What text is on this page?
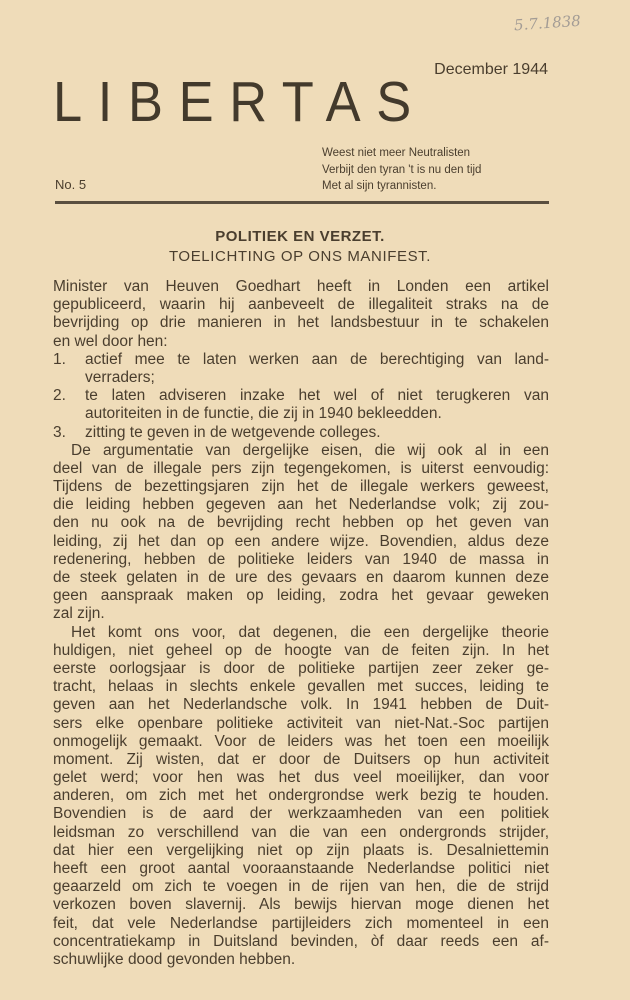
5.7.1838
December 1944
LIBERTAS
Weest niet meer Neutralisten
Verbijt den tyran 't is nu den tijd
Met al sijn tyrannisten.
No. 5
POLITIEK EN VERZET.
TOELICHTING OP ONS MANIFEST.
Minister van Heuven Goedhart heeft in Londen een artikel
gepubliceerd, waarin hij aanbeveelt de illegaliteit straks na de
bevrijding op drie manieren in het landsbestuur in te schakelen
en wel door hen:
1. actief mee te laten werken aan de berechtiging van land-
verraders;
2. te laten adviseren inzake het wel of niet terugkeren van
autoriteiten in de functie, die zij in 1940 bekleedden.
3. zitting te geven in de wetgevende colleges.
De argumentatie van dergelijke eisen, die wij ook al in een
deel van de illegale pers zijn tegengekomen, is uiterst eenvoudig:
Tijdens de bezettingsjaren zijn het de illegale werkers geweest,
die leiding hebben gegeven aan het Nederlandse volk; zij zou-
den nu ook na de bevrijding recht hebben op het geven van
leiding, zij het dan op een andere wijze. Bovendien, aldus deze
redenering, hebben de politieke leiders van 1940 de massa in
de steek gelaten in de ure des gevaars en daarom kunnen deze
geen aanspraak maken op leiding, zodra het gevaar geweken
zal zijn.
Het komt ons voor, dat degenen, die een dergelijke theorie
huldigen, niet geheel op de hoogte van de feiten zijn. In het
eerste oorlogsjaar is door de politieke partijen zeer zeker ge-
tracht, helaas in slechts enkele gevallen met succes, leiding te
geven aan het Nederlandsche volk. In 1941 hebben de Duit-
sers elke openbare politieke activiteit van niet-Nat.-Soc partijen
onmogelijk gemaakt. Voor de leiders was het toen een moeilijk
moment. Zij wisten, dat er door de Duitsers op hun activiteit
gelet werd; voor hen was het dus veel moeilijker, dan voor
anderen, om zich met het ondergrondse werk bezig te houden.
Bovendien is de aard der werkzaamheden van een politiek
leidsman zo verschillend van die van een ondergronds strijder,
dat hier een vergelijking niet op zijn plaats is. Desalniettemin
heeft een groot aantal vooraanstaande Nederlandse politici niet
geaarzeld om zich te voegen in de rijen van hen, die de strijd
verkozen boven slavernij. Als bewijs hiervan moge dienen het
feit, dat vele Nederlandse partijleiders zich momenteel in een
concentratiekamp in Duitsland bevinden, òf daar reeds een af-
schuwlijke dood gevonden hebben.
